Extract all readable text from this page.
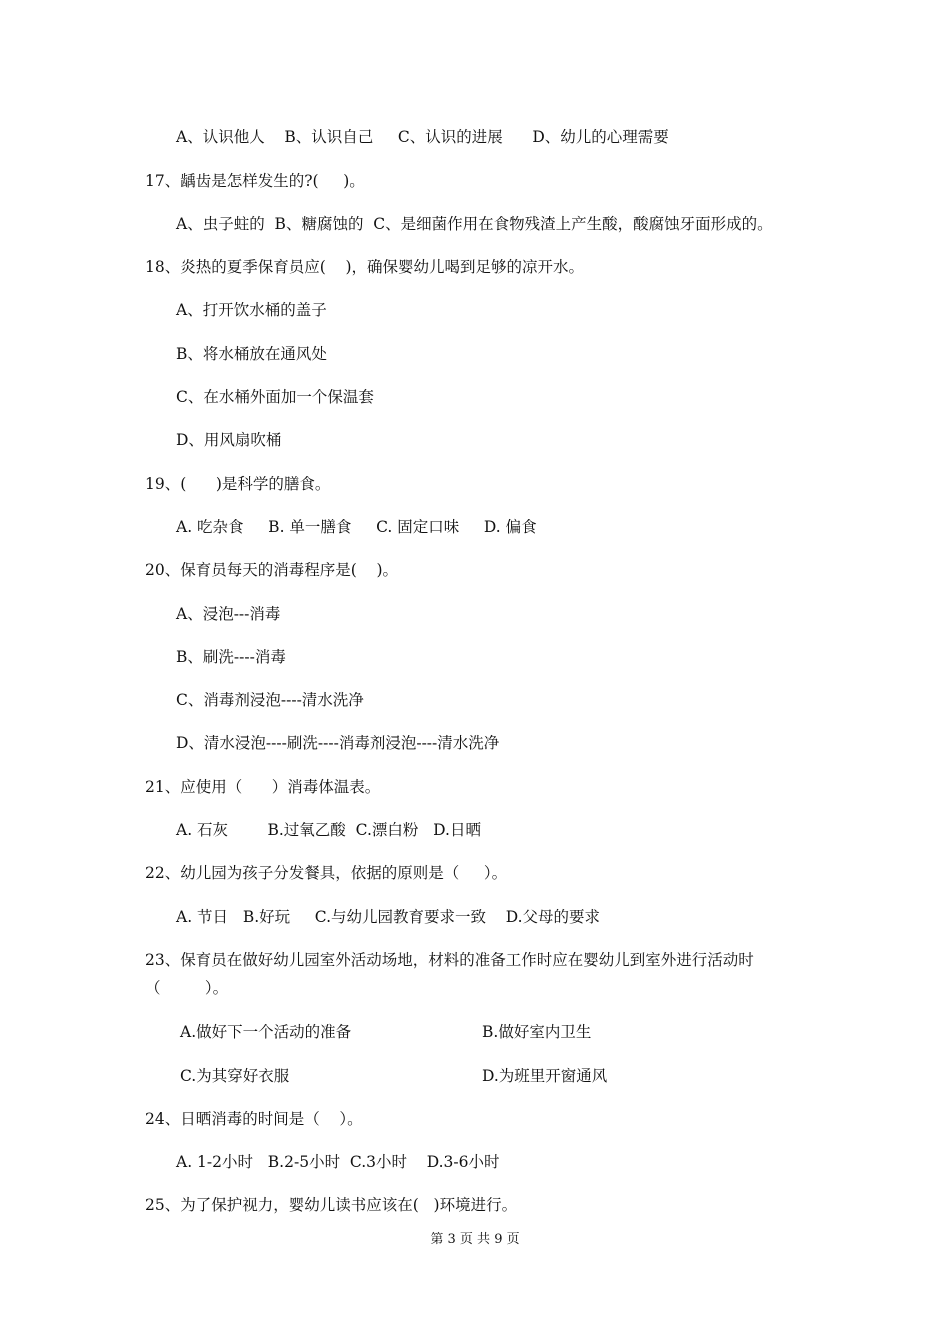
A、认识他人    B、认识自己     C、认识的进展      D、幼儿的心理需要
17、龋齿是怎样发生的?(     )。
A、虫子蛀的  B、糖腐蚀的  C、是细菌作用在食物残渣上产生酸，酸腐蚀牙面形成的。
18、炎热的夏季保育员应(    )，确保婴幼儿喝到足够的凉开水。
A、打开饮水桶的盖子
B、将水桶放在通风处
C、在水桶外面加一个保温套
D、用风扇吹桶
19、(      )是科学的膳食。
A. 吃杂食     B. 单一膳食     C. 固定口味     D. 偏食
20、保育员每天的消毒程序是(    )。
A、浸泡---消毒
B、刷洗----消毒
C、消毒剂浸泡----清水洗净
D、清水浸泡----刷洗----消毒剂浸泡----清水洗净
21、应使用（      ）消毒体温表。
A. 石灰        B.过氧乙酸  C.漂白粉   D.日晒
22、幼儿园为孩子分发餐具，依据的原则是（     ）。
A. 节日   B.好玩     C.与幼儿园教育要求一致    D.父母的要求
23、保育员在做好幼儿园室外活动场地，材料的准备工作时应在婴幼儿到室外进行活动时
（         ）。
A.做好下一个活动的准备	B.做好室内卫生
C.为其穿好衣服	D.为班里开窗通风
24、日晒消毒的时间是（    ）。
A. 1-2小时   B.2-5小时  C.3小时    D.3-6小时
25、为了保护视力，婴幼儿读书应该在(   )环境进行。
第 3 页 共 9 页
